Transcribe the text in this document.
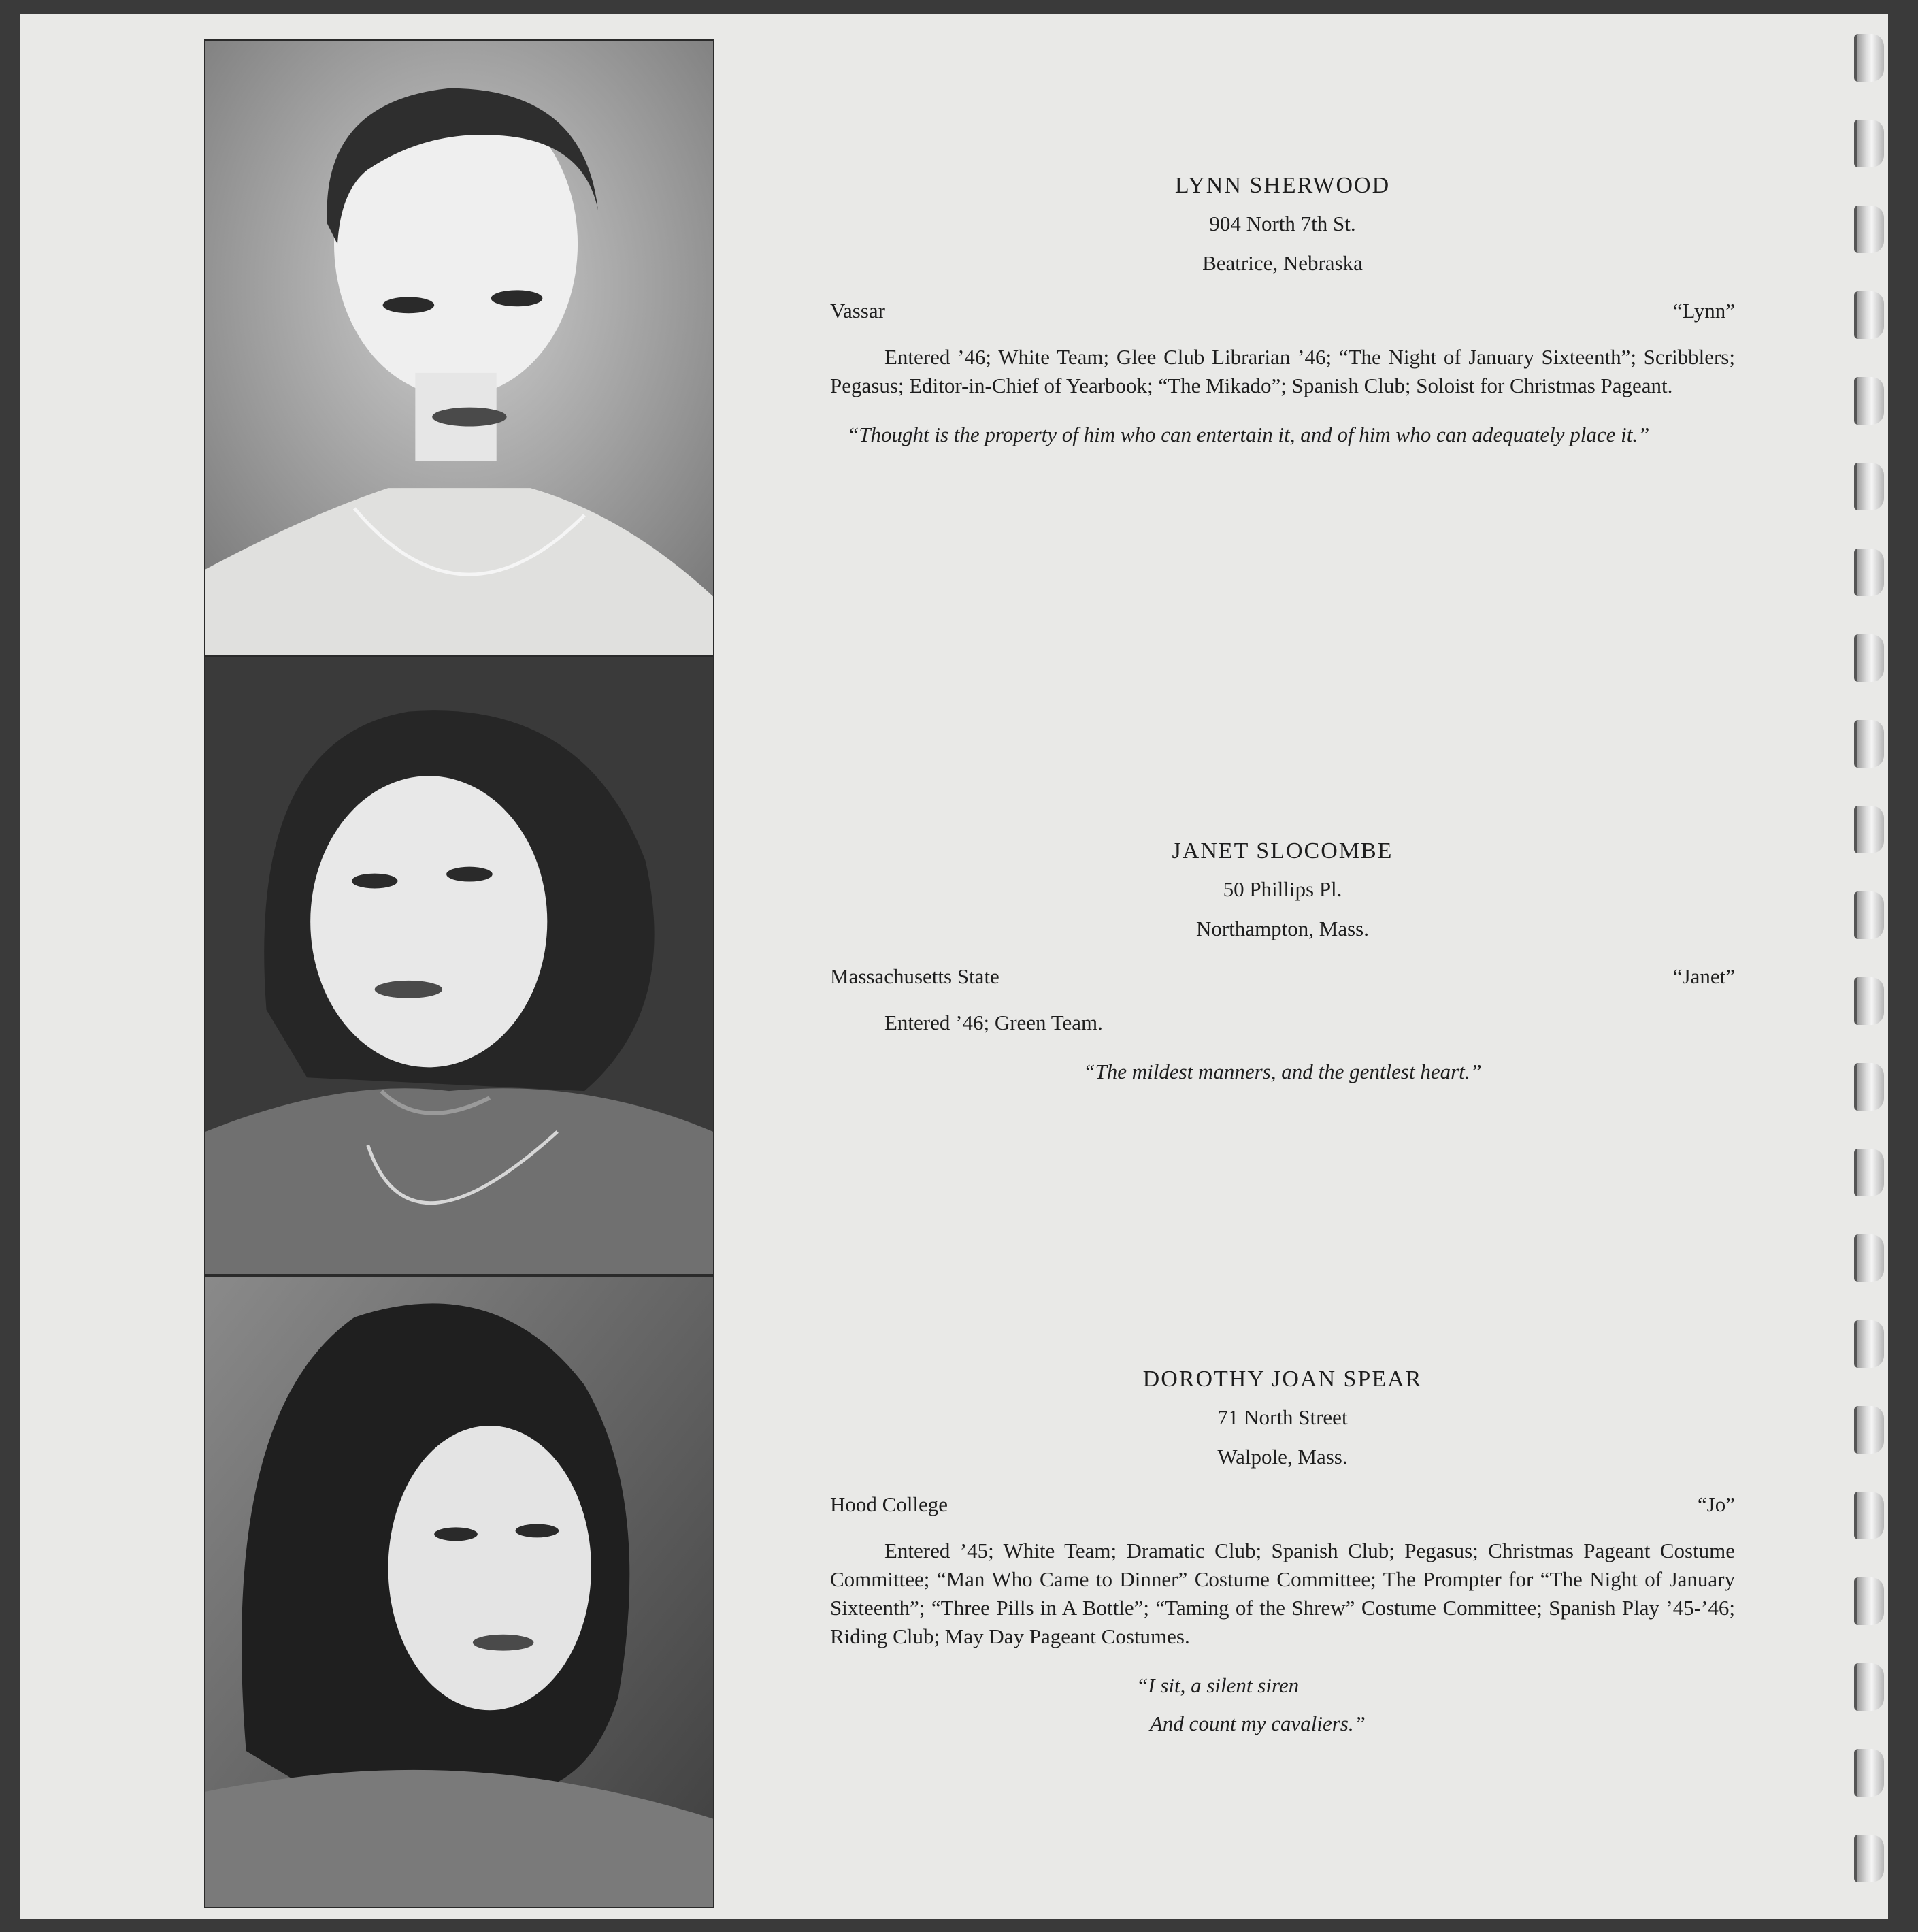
LYNN SHERWOOD

904 North 7th St.

Beatrice, Nebraska

Vassar	“Lynn”

Entered ’46; White Team; Glee Club Librarian ’46; “The Night of January Sixteenth”; Scribblers; Pegasus; Editor-in-Chief of Yearbook; “The Mikado”; Spanish Club; Soloist for Christmas Pageant.

“Thought is the property of him who can entertain it, and of him who can adequately place it.”

JANET SLOCOMBE

50 Phillips Pl.

Northampton, Mass.

Massachusetts State	“Janet”

Entered ’46; Green Team.

“The mildest manners, and the gentlest heart.”

DOROTHY JOAN SPEAR

71 North Street

Walpole, Mass.

Hood College	“Jo”

Entered ’45; White Team; Dramatic Club; Spanish Club; Pegasus; Christmas Pageant Costume Committee; “Man Who Came to Dinner” Costume Committee; The Prompter for “The Night of January Sixteenth”; “Three Pills in A Bottle”; “Taming of the Shrew” Costume Committee; Spanish Play ’45-’46; Riding Club; May Day Pageant Costumes.

“I sit, a silent siren
And count my cavaliers.”
